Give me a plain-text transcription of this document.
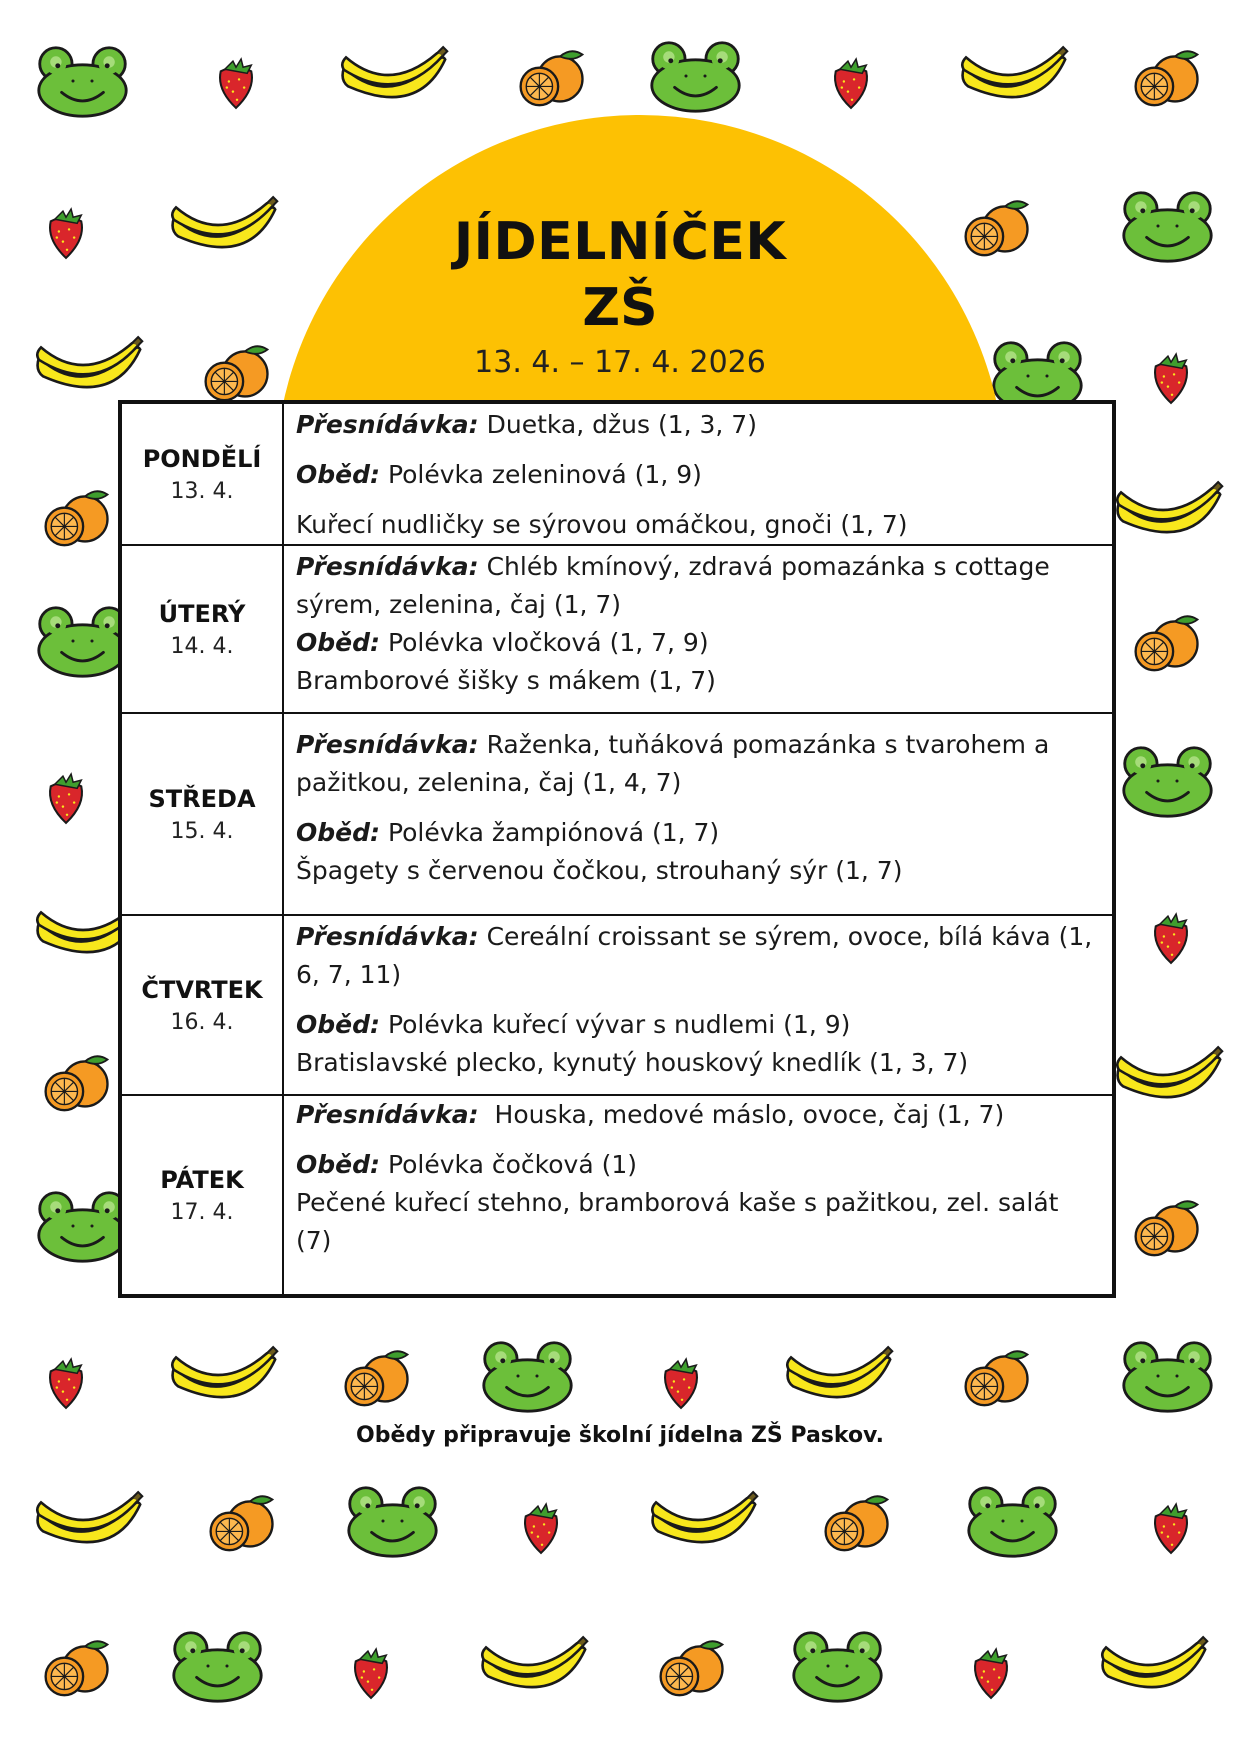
JÍDELNÍČEK
ZŠ
13. 4. – 17. 4. 2026
PONDĚLÍ
13. 4.

Přesnídávka: Duetka, džus (1, 3, 7)

Oběd: Polévka zeleninová (1, 9)

Kuřecí nudličky se sýrovou omáčkou, gnoči (1, 7)

ÚTERÝ
14. 4.

Přesnídávka: Chléb kmínový, zdravá pomazánka s cottage sýrem, zelenina, čaj (1, 7)

Oběd: Polévka vločková (1, 7, 9)

Bramborové šišky s mákem (1, 7)

STŘEDA
15. 4.

Přesnídávka: Raženka, tuňáková pomazánka s tvarohem a pažitkou, zelenina, čaj (1, 4, 7)

Oběd: Polévka žampiónová (1, 7)

Špagety s červenou čočkou, strouhaný sýr (1, 7)

ČTVRTEK
16. 4.

Přesnídávka: Cereální croissant se sýrem, ovoce, bílá káva (1, 6, 7, 11)

Oběd: Polévka kuřecí vývar s nudlemi (1, 9)

Bratislavské plecko, kynutý houskový knedlík (1, 3, 7)

PÁTEK
17. 4.

Přesnídávka:  Houska, medové máslo, ovoce, čaj (1, 7)

Oběd: Polévka čočková (1)

Pečené kuřecí stehno, bramborová kaše s pažitkou, zel. salát (7)

Obědy připravuje školní jídelna ZŠ Paskov.
